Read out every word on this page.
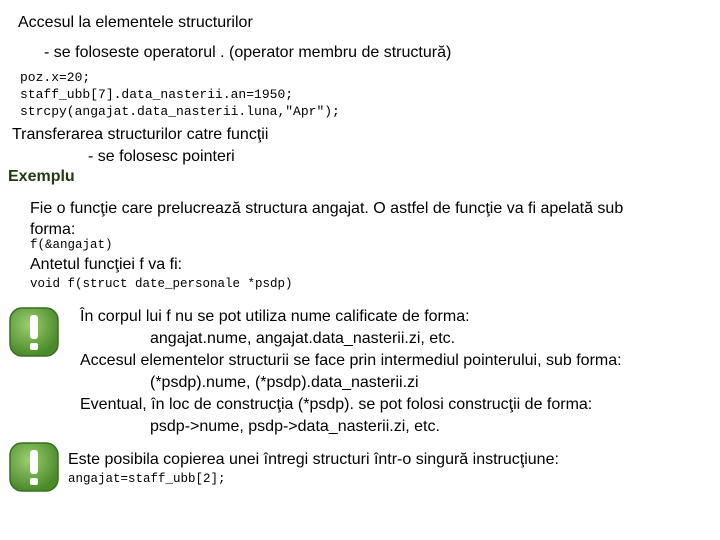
Accesul la elementele structurilor
- se foloseste operatorul . (operator membru de structură)
poz.x=20;
staff_ubb[7].data_nasterii.an=1950;
strcpy(angajat.data_nasterii.luna,"Apr");
Transferarea structurilor catre funcţii
- se folosesc pointeri
Exemplu
Fie o funcţie care prelucrează structura angajat. O astfel de funcţie va fi apelată sub
forma:
f(&angajat)
Antetul funcţiei f va fi:
void f(struct date_personale *psdp)
În corpul lui f nu se pot utiliza nume calificate de forma:
angajat.nume, angajat.data_nasterii.zi, etc.
Accesul elementelor structurii se face prin intermediul pointerului, sub forma:
(*psdp).nume, (*psdp).data_nasterii.zi
Eventual, în loc de construcţia (*psdp). se pot folosi construcţii de forma:
psdp->nume, psdp->data_nasterii.zi, etc.
Este posibila copierea unei întregi structuri într-o singură instrucţiune:
angajat=staff_ubb[2];
